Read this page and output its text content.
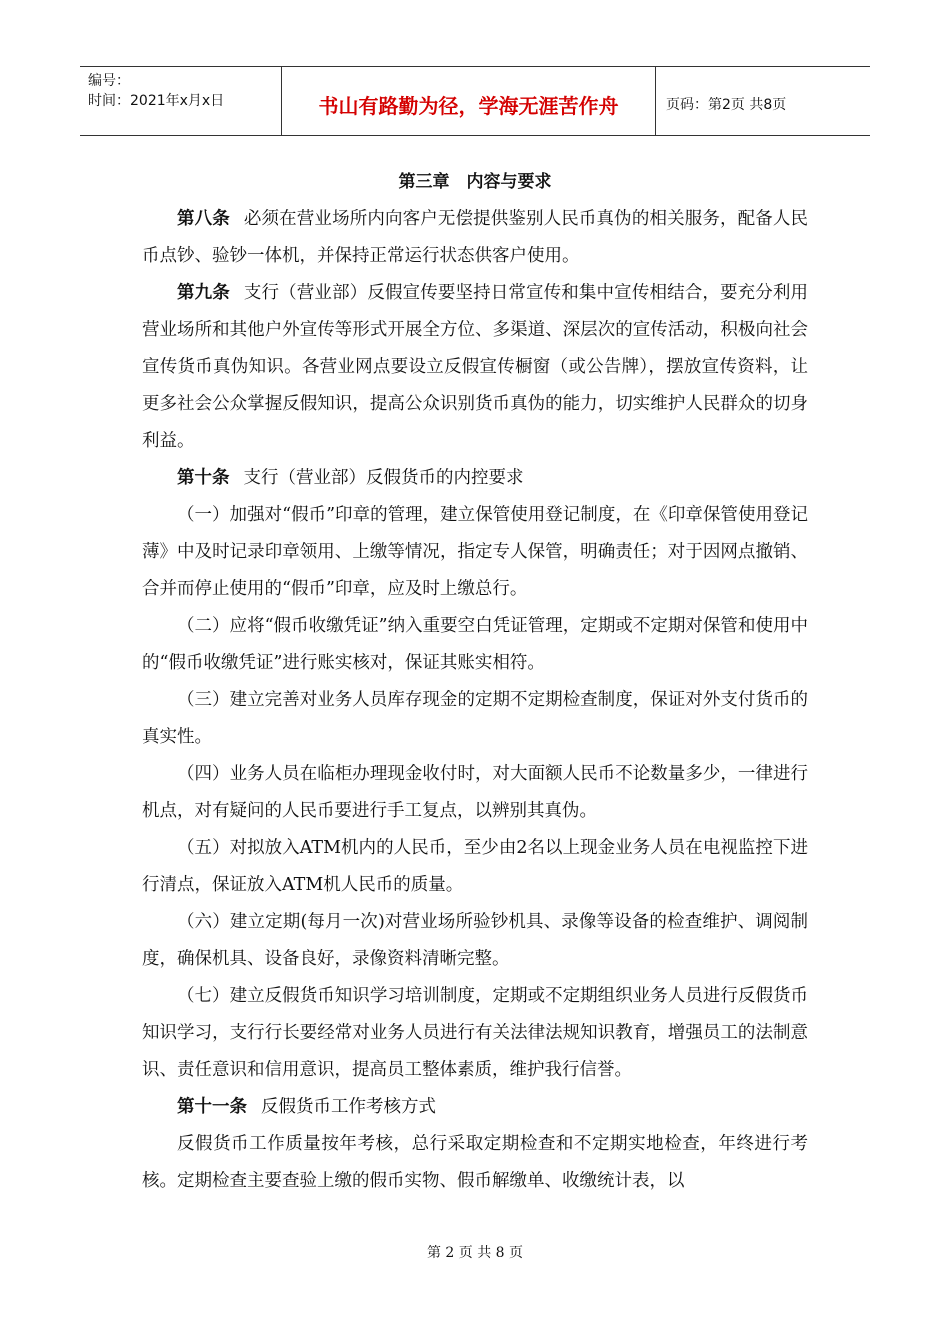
编号：
时间：2021年x月x日	书山有路勤为径，学海无涯苦作舟	页码：第2页 共8页
第三章　内容与要求

第八条 必须在营业场所内向客户无偿提供鉴别人民币真伪的相关服务，配备人民币点钞、验钞一体机，并保持正常运行状态供客户使用。

第九条 支行（营业部）反假宣传要坚持日常宣传和集中宣传相结合，要充分利用营业场所和其他户外宣传等形式开展全方位、多渠道、深层次的宣传活动，积极向社会宣传货币真伪知识。各营业网点要设立反假宣传橱窗（或公告牌），摆放宣传资料，让更多社会公众掌握反假知识，提高公众识别货币真伪的能力，切实维护人民群众的切身利益。

第十条 支行（营业部）反假货币的内控要求

（一）加强对“假币”印章的管理，建立保管使用登记制度，在《印章保管使用登记薄》中及时记录印章领用、上缴等情况，指定专人保管，明确责任；对于因网点撤销、合并而停止使用的“假币”印章，应及时上缴总行。

（二）应将“假币收缴凭证”纳入重要空白凭证管理，定期或不定期对保管和使用中的“假币收缴凭证”进行账实核对，保证其账实相符。

（三）建立完善对业务人员库存现金的定期不定期检查制度，保证对外支付货币的真实性。

（四）业务人员在临柜办理现金收付时，对大面额人民币不论数量多少，一律进行机点，对有疑问的人民币要进行手工复点，以辨别其真伪。

（五）对拟放入ATM机内的人民币，至少由2名以上现金业务人员在电视监控下进行清点，保证放入ATM机人民币的质量。

（六）建立定期(每月一次)对营业场所验钞机具、录像等设备的检查维护、调阅制度，确保机具、设备良好，录像资料清晰完整。

（七）建立反假货币知识学习培训制度，定期或不定期组织业务人员进行反假货币知识学习，支行行长要经常对业务人员进行有关法律法规知识教育，增强员工的法制意识、责任意识和信用意识，提高员工整体素质，维护我行信誉。

第十一条 反假货币工作考核方式

反假货币工作质量按年考核，总行采取定期检查和不定期实地检查，年终进行考核。定期检查主要查验上缴的假币实物、假币解缴单、收缴统计表，以

第 2 页 共 8 页
